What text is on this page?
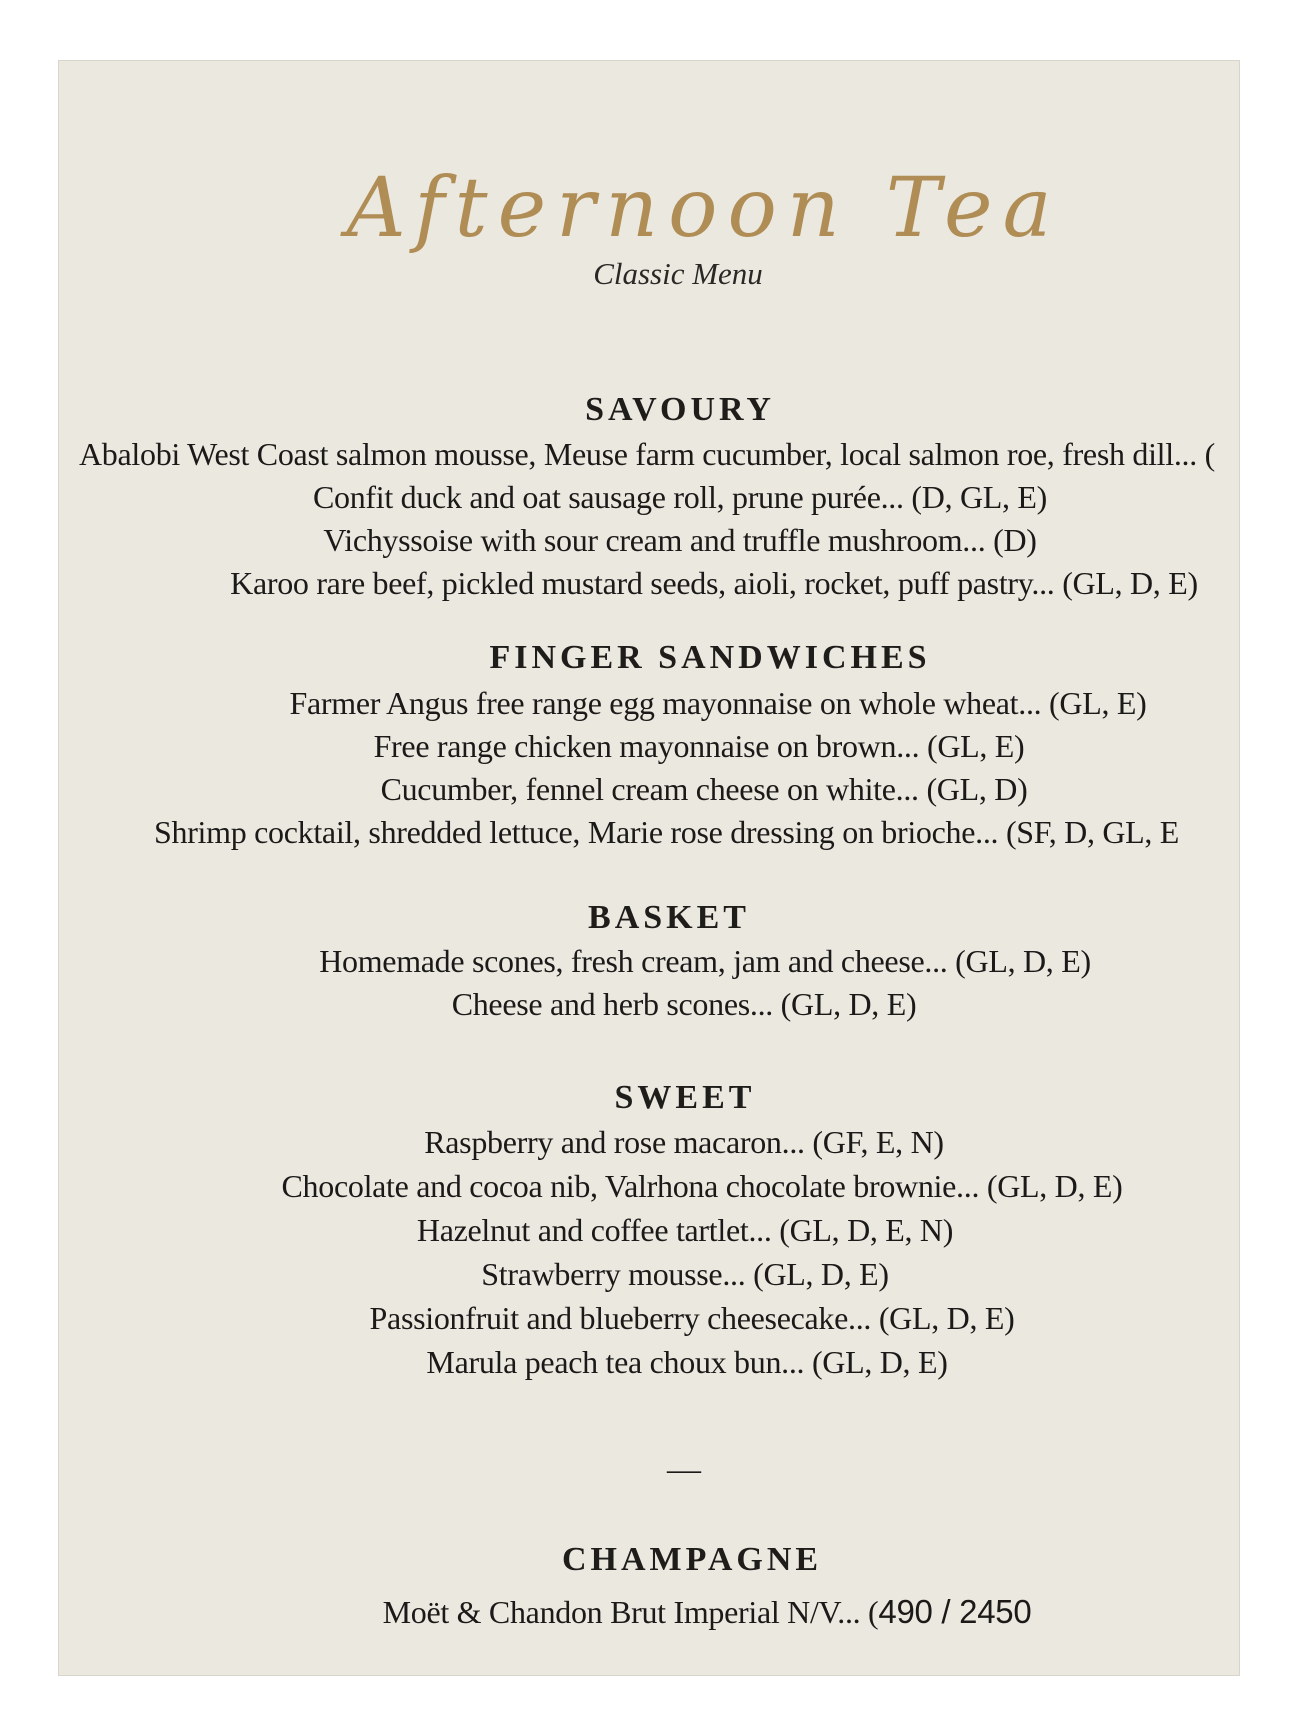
Afternoon Tea
Classic Menu
SAVOURY
Abalobi West Coast salmon mousse, Meuse farm cucumber, local salmon roe, fresh dill... (
Confit duck and oat sausage roll, prune purée... (D, GL, E)
Vichyssoise with sour cream and truffle mushroom... (D)
Karoo rare beef, pickled mustard seeds, aioli, rocket, puff pastry... (GL, D, E)
FINGER SANDWICHES
Farmer Angus free range egg mayonnaise on whole wheat... (GL, E)
Free range chicken mayonnaise on brown... (GL, E)
Cucumber, fennel cream cheese on white... (GL, D)
Shrimp cocktail, shredded lettuce, Marie rose dressing on brioche... (SF, D, GL, E
BASKET
Homemade scones, fresh cream, jam and cheese... (GL, D, E)
Cheese and herb scones... (GL, D, E)
SWEET
Raspberry and rose macaron... (GF, E, N)
Chocolate and cocoa nib, Valrhona chocolate brownie... (GL, D, E)
Hazelnut and coffee tartlet... (GL, D, E, N)
Strawberry mousse... (GL, D, E)
Passionfruit and blueberry cheesecake... (GL, D, E)
Marula peach tea choux bun... (GL, D, E)
—
CHAMPAGNE
Moët & Chandon Brut Imperial N/V... (490 / 2450
